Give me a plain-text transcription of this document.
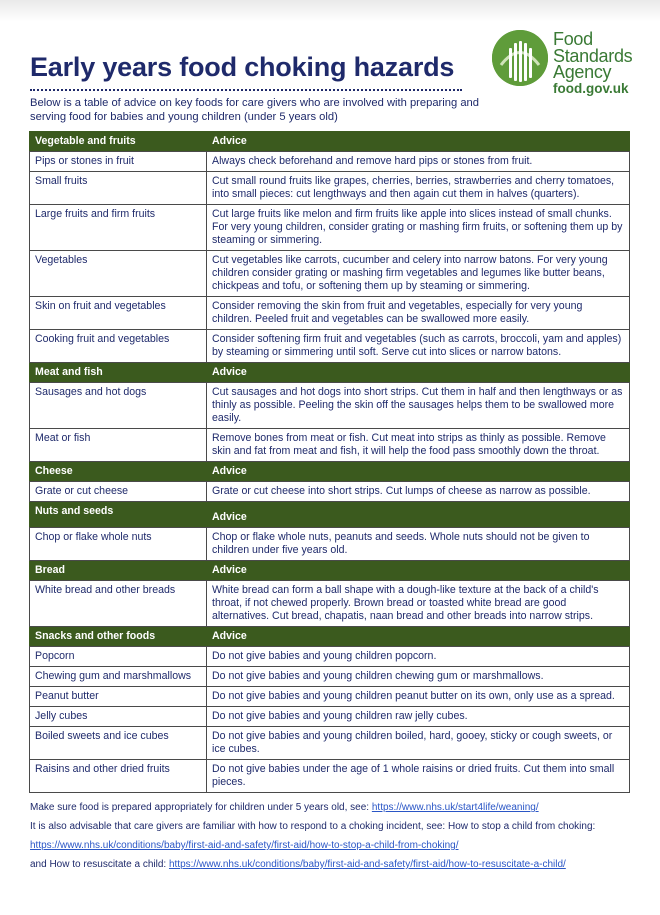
Early years food choking hazards
Below is a table of advice on key foods for care givers who are involved with preparing and serving food for babies and young children (under 5 years old)
Food
Standards
Agency
food.gov.uk
Vegetable and fruits	Advice
Pips or stones in fruit	Always check beforehand and remove hard pips or stones from fruit.
Small fruits	Cut small round fruits like grapes, cherries, berries, strawberries and cherry tomatoes, into small pieces: cut lengthways and then again cut them in halves (quarters).
Large fruits and firm fruits	Cut large fruits like melon and firm fruits like apple into slices instead of small chunks. For very young children, consider grating or mashing firm fruits, or softening them up by steaming or simmering.
Vegetables	Cut vegetables like carrots, cucumber and celery into narrow batons. For very young children consider grating or mashing firm vegetables and legumes like butter beans, chickpeas and tofu, or softening them up by steaming or simmering.
Skin on fruit and vegetables	Consider removing the skin from fruit and vegetables, especially for very young children. Peeled fruit and vegetables can be swallowed more easily.
Cooking fruit and vegetables	Consider softening firm fruit and vegetables (such as carrots, broccoli, yam and apples) by steaming or simmering until soft. Serve cut into slices or narrow batons.
Meat and fish	Advice
Sausages and hot dogs	Cut sausages and hot dogs into short strips. Cut them in half and then lengthways or as thinly as possible. Peeling the skin off the sausages helps them to be swallowed more easily.
Meat or fish	Remove bones from meat or fish. Cut meat into strips as thinly as possible. Remove skin and fat from meat and fish, it will help the food pass smoothly down the throat.
Cheese	Advice
Grate or cut cheese	Grate or cut cheese into short strips. Cut lumps of cheese as narrow as possible.
Nuts and seeds	Advice
Chop or flake whole nuts	Chop or flake whole nuts, peanuts and seeds. Whole nuts should not be given to children under five years old.
Bread	Advice
White bread and other breads	White bread can form a ball shape with a dough-like texture at the back of a child's throat, if not chewed properly. Brown bread or toasted white bread are good alternatives. Cut bread, chapatis, naan bread and other breads into narrow strips.
Snacks and other foods	Advice
Popcorn	Do not give babies and young children popcorn.
Chewing gum and marshmallows	Do not give babies and young children chewing gum or marshmallows.
Peanut butter	Do not give babies and young children peanut butter on its own, only use as a spread.
Jelly cubes	Do not give babies and young children raw jelly cubes.
Boiled sweets and ice cubes	Do not give babies and young children boiled, hard, gooey, sticky or cough sweets, or ice cubes.
Raisins and other dried fruits	Do not give babies under the age of 1 whole raisins or dried fruits. Cut them into small pieces.
Make sure food is prepared appropriately for children under 5 years old, see: https://www.nhs.uk/start4life/weaning/
It is also advisable that care givers are familiar with how to respond to a choking incident, see: How to stop a child from choking: https://www.nhs.uk/conditions/baby/first-aid-and-safety/first-aid/how-to-stop-a-child-from-choking/
and How to resuscitate a child: https://www.nhs.uk/conditions/baby/first-aid-and-safety/first-aid/how-to-resuscitate-a-child/
